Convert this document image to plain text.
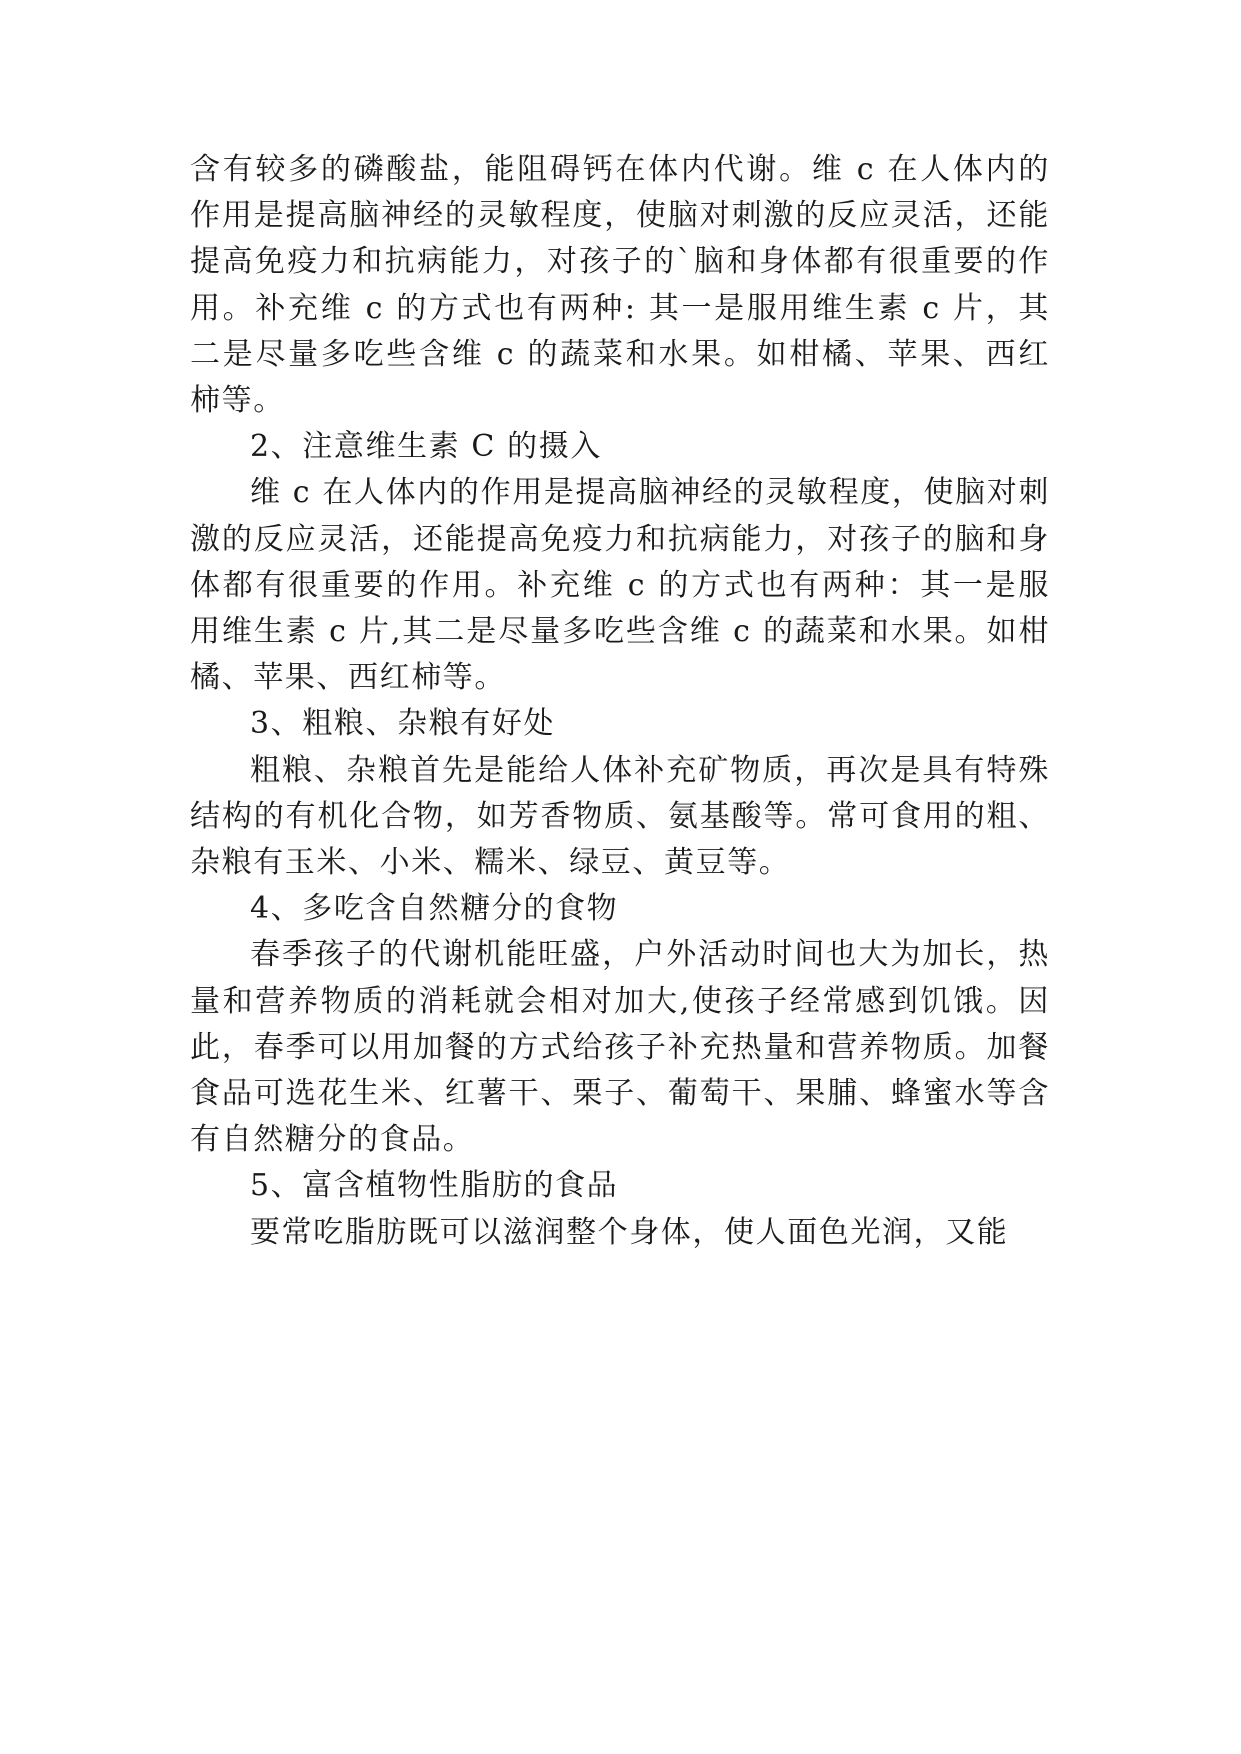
含有较多的磷酸盐，能阻碍钙在体内代谢。维 c 在人体内的作用是提高脑神经的灵敏程度，使脑对刺激的反应灵活，还能提高免疫力和抗病能力，对孩子的`脑和身体都有很重要的作用。补充维 c 的方式也有两种: 其一是服用维生素 c 片，其二是尽量多吃些含维 c 的蔬菜和水果。如柑橘、苹果、西红柿等。

2、注意维生素 C 的摄入

维 c 在人体内的作用是提高脑神经的灵敏程度，使脑对刺激的反应灵活，还能提高免疫力和抗病能力，对孩子的脑和身体都有很重要的作用。补充维 c 的方式也有两种：其一是服用维生素 c 片,其二是尽量多吃些含维 c 的蔬菜和水果。如柑橘、苹果、西红柿等。

3、粗粮、杂粮有好处

粗粮、杂粮首先是能给人体补充矿物质，再次是具有特殊结构的有机化合物，如芳香物质、氨基酸等。常可食用的粗、杂粮有玉米、小米、糯米、绿豆、黄豆等。

4、多吃含自然糖分的食物

春季孩子的代谢机能旺盛，户外活动时间也大为加长，热量和营养物质的消耗就会相对加大,使孩子经常感到饥饿。因此，春季可以用加餐的方式给孩子补充热量和营养物质。加餐食品可选花生米、红薯干、栗子、葡萄干、果脯、蜂蜜水等含有自然糖分的食品。

5、富含植物性脂肪的食品

要常吃脂肪既可以滋润整个身体，使人面色光润，又能
